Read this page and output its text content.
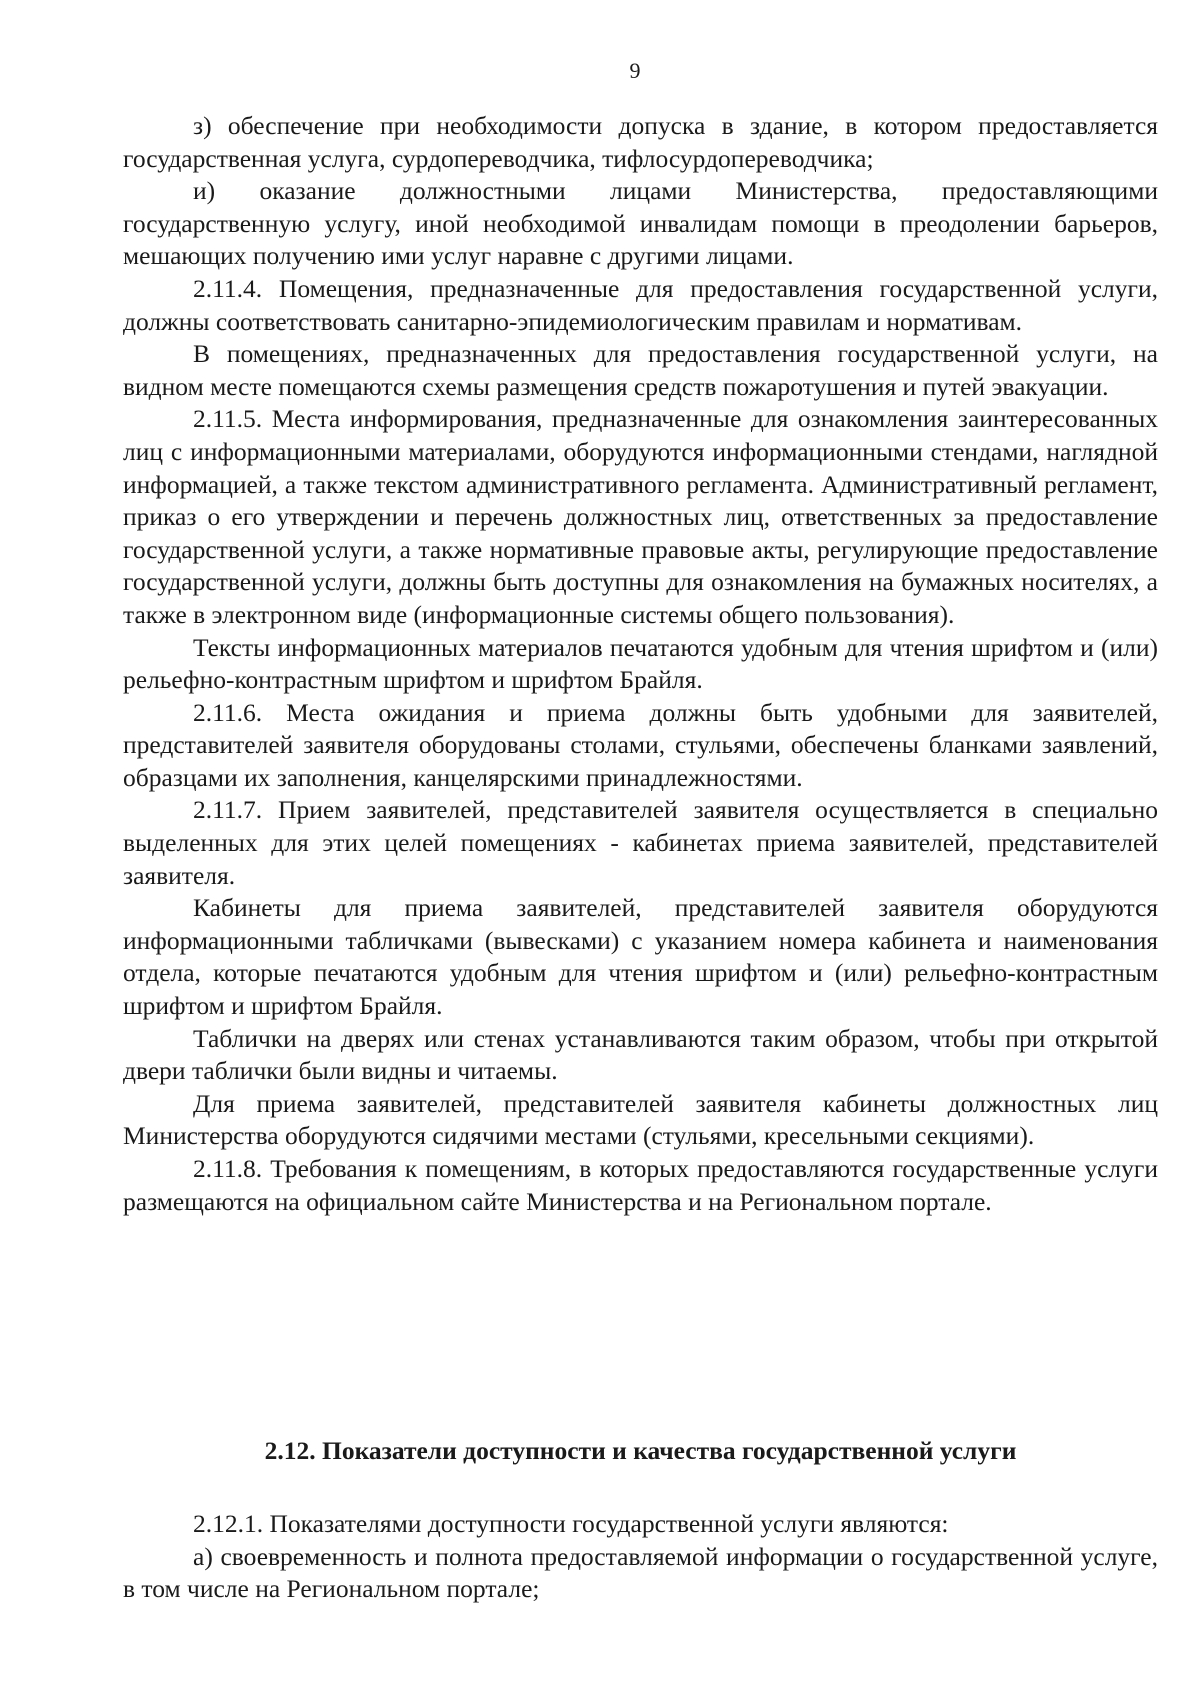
9

з) обеспечение при необходимости допуска в здание, в котором предоставляется государственная услуга, сурдопереводчика, тифлосурдопереводчика;

и) оказание должностными лицами Министерства, предоставляющими государственную услугу, иной необходимой инвалидам помощи в преодолении барьеров, мешающих получению ими услуг наравне с другими лицами.

2.11.4. Помещения, предназначенные для предоставления государственной услуги, должны соответствовать санитарно-эпидемиологическим правилам и нормативам.

В помещениях, предназначенных для предоставления государственной услуги, на видном месте помещаются схемы размещения средств пожаротушения и путей эвакуации.

2.11.5. Места информирования, предназначенные для ознакомления заинтересованных лиц с информационными материалами, оборудуются информационными стендами, наглядной информацией, а также текстом административного регламента. Административный регламент, приказ о его утверждении и перечень должностных лиц, ответственных за предоставление государственной услуги, а также нормативные правовые акты, регулирующие предоставление государственной услуги, должны быть доступны для ознакомления на бумажных носителях, а также в электронном виде (информационные системы общего пользования).

Тексты информационных материалов печатаются удобным для чтения шрифтом и (или) рельефно-контрастным шрифтом и шрифтом Брайля.

2.11.6. Места ожидания и приема должны быть удобными для заявителей, представителей заявителя оборудованы столами, стульями, обеспечены бланками заявлений, образцами их заполнения, канцелярскими принадлежностями.

2.11.7. Прием заявителей, представителей заявителя осуществляется в специально выделенных для этих целей помещениях - кабинетах приема заявителей, представителей заявителя.

Кабинеты для приема заявителей, представителей заявителя оборудуются информационными табличками (вывесками) с указанием номера кабинета и наименования отдела, которые печатаются удобным для чтения шрифтом и (или) рельефно-контрастным шрифтом и шрифтом Брайля.

Таблички на дверях или стенах устанавливаются таким образом, чтобы при открытой двери таблички были видны и читаемы.

Для приема заявителей, представителей заявителя кабинеты должностных лиц Министерства оборудуются сидячими местами (стульями, кресельными секциями).

2.11.8. Требования к помещениям, в которых предоставляются государственные услуги размещаются на официальном сайте Министерства и на Региональном портале.

2.12. Показатели доступности и качества государственной услуги

2.12.1. Показателями доступности государственной услуги являются:

а) своевременность и полнота предоставляемой информации о государственной услуге, в том числе на Региональном портале;
